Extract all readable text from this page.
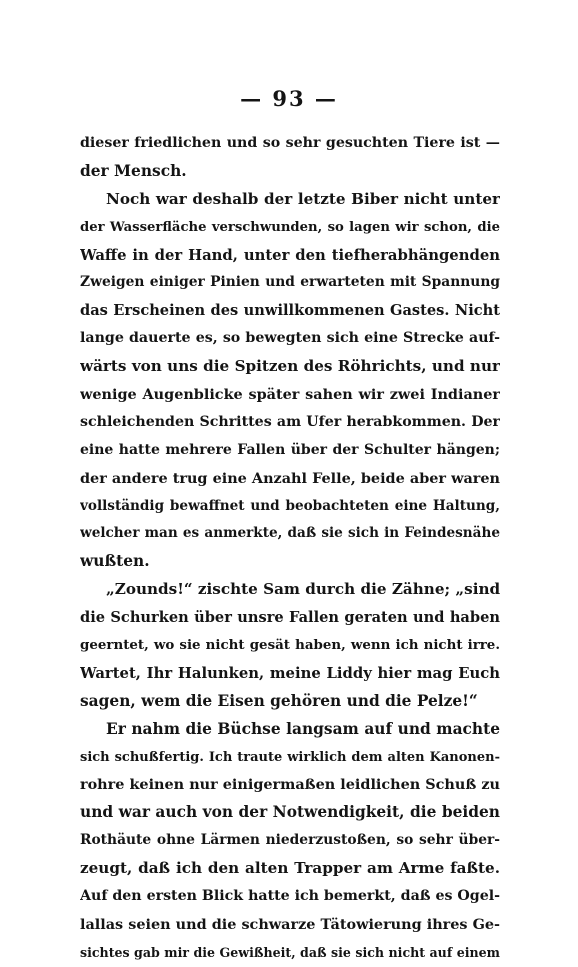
— 93 —
dieser friedlichen und so sehr gesuchten Tiere ist —
der Mensch.
Noch war deshalb der letzte Biber nicht unter
der Wasserfläche verschwunden, so lagen wir schon, die
Waffe in der Hand, unter den tiefherabhängenden
Zweigen einiger Pinien und erwarteten mit Spannung
das Erscheinen des unwillkommenen Gastes. Nicht
lange dauerte es, so bewegten sich eine Strecke auf-
wärts von uns die Spitzen des Röhrichts, und nur
wenige Augenblicke später sahen wir zwei Indianer
schleichenden Schrittes am Ufer herabkommen. Der
eine hatte mehrere Fallen über der Schulter hängen;
der andere trug eine Anzahl Felle, beide aber waren
vollständig bewaffnet und beobachteten eine Haltung,
welcher man es anmerkte, daß sie sich in Feindesnähe
wußten.
„Zounds!“ zischte Sam durch die Zähne; „sind
die Schurken über unsre Fallen geraten und haben
geerntet, wo sie nicht gesät haben, wenn ich nicht irre.
Wartet, Ihr Halunken, meine Liddy hier mag Euch
sagen, wem die Eisen gehören und die Pelze!“
Er nahm die Büchse langsam auf und machte
sich schußfertig. Ich traute wirklich dem alten Kanonen-
rohre keinen nur einigermaßen leidlichen Schuß zu
und war auch von der Notwendigkeit, die beiden
Rothäute ohne Lärmen niederzustoßen, so sehr über-
zeugt, daß ich den alten Trapper am Arme faßte.
Auf den ersten Blick hatte ich bemerkt, daß es Ogel-
lallas seien und die schwarze Tätowierung ihres Ge-
sichtes gab mir die Gewißheit, daß sie sich nicht auf einem
